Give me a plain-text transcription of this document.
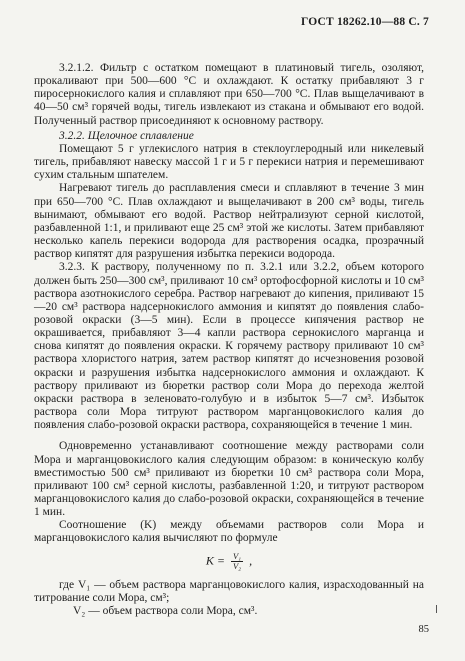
ГОСТ 18262.10—88 С. 7

3.2.1.2. Фильтр с остатком помещают в платиновый тигель, озоляют, прокаливают при 500—600 °С и охлаждают. К остатку прибавляют 3 г пиросернокислого калия и сплавляют при 650—700 °С. Плав выщелачивают в 40—50 см³ горячей воды, тигель извлекают из стакана и обмывают его водой. Полученный раствор присоединяют к основному раствору.

3.2.2. Щелочное сплавление

Помещают 5 г углекислого натрия в стеклоуглеродный или никелевый тигель, прибавляют навеску массой 1 г и 5 г перекиси натрия и перемешивают сухим стальным шпателем.

Нагревают тигель до расплавления смеси и сплавляют в течение 3 мин при 650—700 °С. Плав охлаждают и выщелачивают в 200 см³ воды, тигель вынимают, обмывают его водой. Раствор нейтрализуют серной кислотой, разбавленной 1:1, и приливают еще 25 см³ этой же кислоты. Затем прибавляют несколько капель перекиси водорода для растворения осадка, прозрачный раствор кипятят для разрушения избытка перекиси водорода.

3.2.3. К раствору, полученному по п. 3.2.1 или 3.2.2, объем которого должен быть 250—300 см³, приливают 10 см³ ортофосфорной кислоты и 10 см³ раствора азотнокислого серебра. Раствор нагревают до кипения, приливают 15—20 см³ раствора надсернокислого аммония и кипятят до появления слабо-розовой окраски (3—5 мин). Если в процессе кипячения раствор не окрашивается, прибавляют 3—4 капли раствора сернокислого марганца и снова кипятят до появления окраски. К горячему раствору приливают 10 см³ раствора хлористого натрия, затем раствор кипятят до исчезновения розовой окраски и разрушения избытка надсернокислого аммония и охлаждают. К раствору приливают из бюретки раствор соли Мора до перехода желтой окраски раствора в зеленовато-голубую и в избыток 5—7 см³. Избыток раствора соли Мора титруют раствором марганцовокислого калия до появления слабо-розовой окраски раствора, сохраняющейся в течение 1 мин.

Одновременно устанавливают соотношение между растворами соли Мора и марганцовокислого калия следующим образом: в коническую колбу вместимостью 500 см³ приливают из бюретки 10 см³ раствора соли Мора, приливают 100 см³ серной кислоты, разбавленной 1:20, и титруют раствором марганцовокислого калия до слабо-розовой окраски, сохраняющейся в течение 1 мин.

Соотношение (K) между объемами растворов соли Мора и марганцовокислого калия вычисляют по формуле

$K = \frac{\text{V₁}}{\text{V₂}}$ ,

где V₁ — объем раствора марганцовокислого калия, израсходованный на титрование соли Мора, см³;

V₂ — объем раствора соли Мора, см³.

85
